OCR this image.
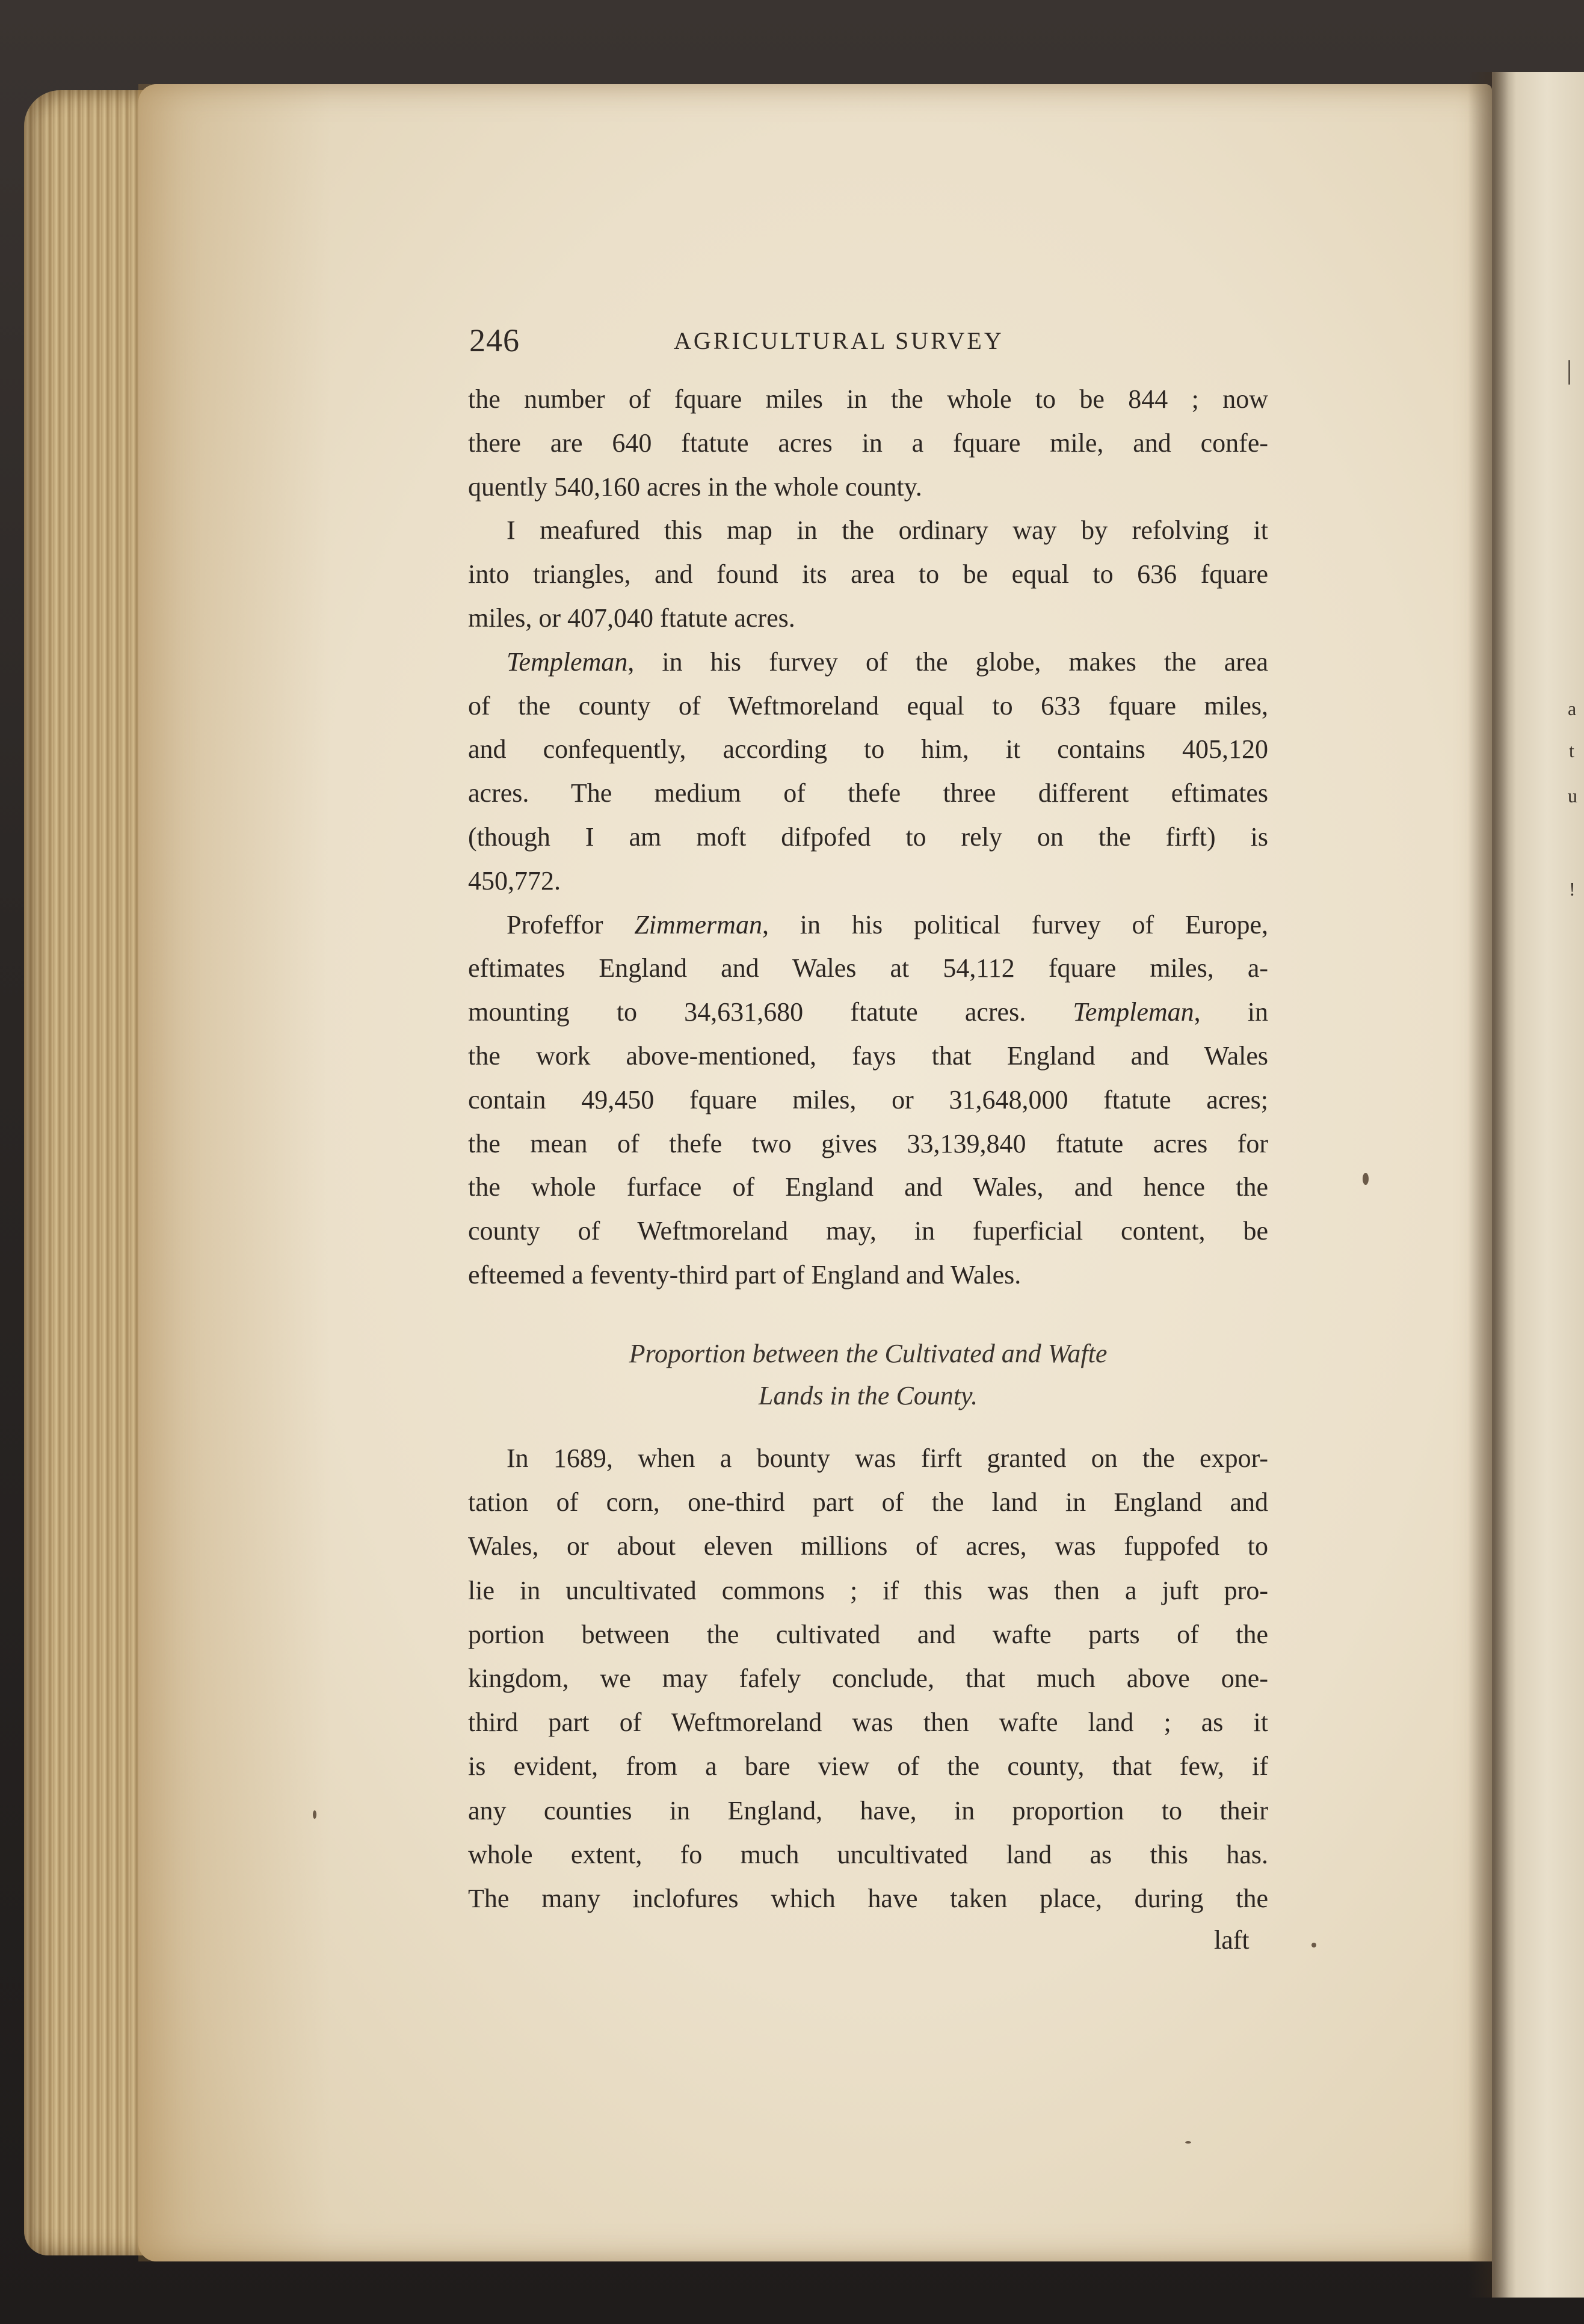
|
a
t
u
!
246	AGRICULTURAL SURVEY
the number of fquare miles in the whole to be 844 ; now
there are 640 ftatute acres in a fquare mile, and confe-
quently 540,160 acres in the whole county.
I meafured this map in the ordinary way by refolving it
into triangles, and found its area to be equal to 636 fquare
miles, or 407,040 ftatute acres.
Templeman, in his furvey of the globe, makes the area
of the county of Weftmoreland equal to 633 fquare miles,
and confequently, according to him, it contains 405,120
acres. The medium of thefe three different eftimates
(though I am moft difpofed to rely on the firft) is
450,772.
Profeffor Zimmerman, in his political furvey of Europe,
eftimates England and Wales at 54,112 fquare miles, a-
mounting to 34,631,680 ftatute acres. Templeman, in
the work above-mentioned, fays that England and Wales
contain 49,450 fquare miles, or 31,648,000 ftatute acres;
the mean of thefe two gives 33,139,840 ftatute acres for
the whole furface of England and Wales, and hence the
county of Weftmoreland may, in fuperficial content, be
efteemed a feventy-third part of England and Wales.
Proportion between the Cultivated and Wafte
Lands in the County.
In 1689, when a bounty was firft granted on the expor-
tation of corn, one-third part of the land in England and
Wales, or about eleven millions of acres, was fuppofed to
lie in uncultivated commons ; if this was then a juft pro-
portion between the cultivated and wafte parts of the
kingdom, we may fafely conclude, that much above one-
third part of Weftmoreland was then wafte land ; as it
is evident, from a bare view of the county, that few, if
any counties in England, have, in proportion to their
whole extent, fo much uncultivated land as this has.
The many inclofures which have taken place, during the
laft
